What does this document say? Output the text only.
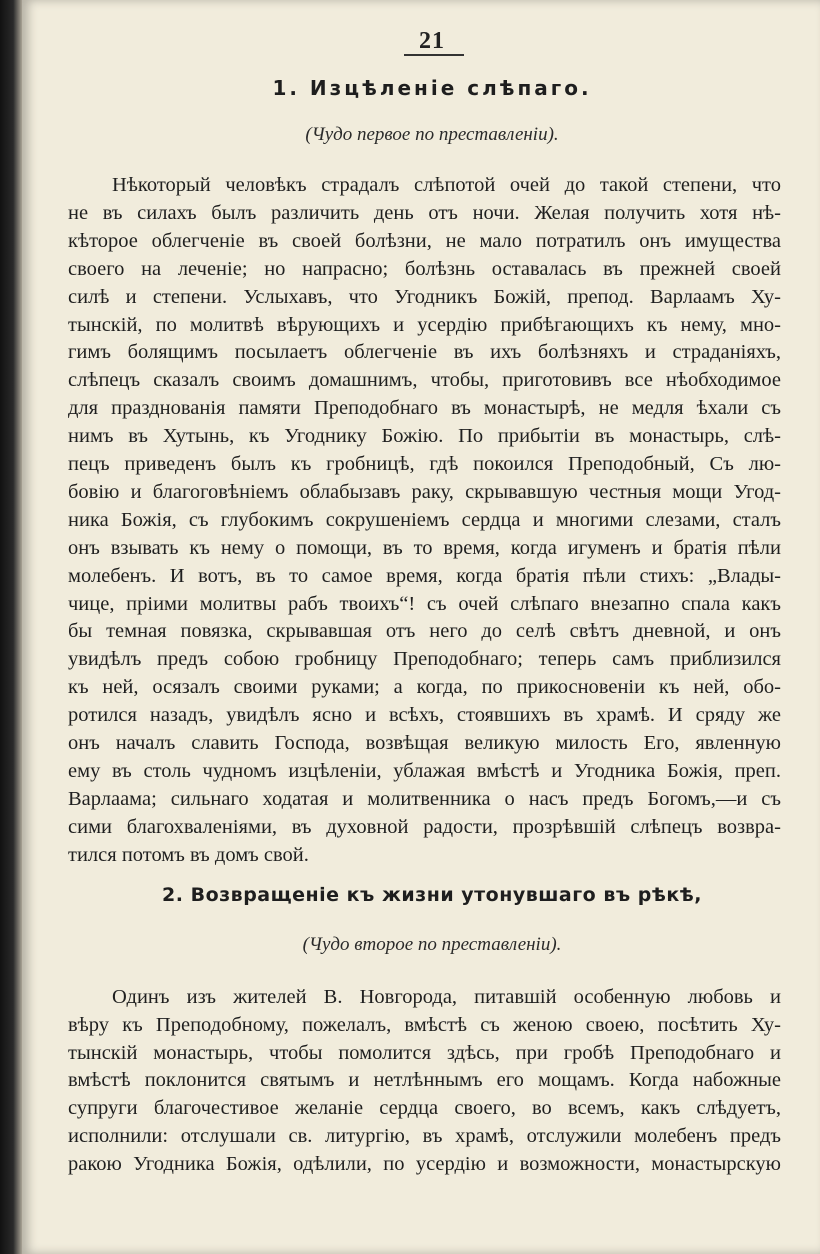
21
1. Изцѣленіе слѣпаго.
(Чудо первое по преставленіи).
Нѣкоторый человѣкъ страдалъ слѣпотой очей до такой степени, что
не въ силахъ былъ различить день отъ ночи. Желая получить хотя нѣ-
кѣторое облегченіе въ своей болѣзни, не мало потратилъ онъ имущества
своего на леченіе; но напрасно; болѣзнь оставалась въ прежней своей
силѣ и степени. Услыхавъ, что Угодникъ Божій, препод. Варлаамъ Ху-
тынскій, по молитвѣ вѣрующихъ и усердію прибѣгающихъ къ нему, мно-
гимъ болящимъ посылаетъ облегченіе въ ихъ болѣзняхъ и страданіяхъ,
слѣпецъ сказалъ своимъ домашнимъ, чтобы, приготовивъ все нѣобходимое
для празднованія памяти Преподобнаго въ монастырѣ, не медля ѣхали съ
нимъ въ Хутынь, къ Угоднику Божію. По прибытіи въ монастырь, слѣ-
пецъ приведенъ былъ къ гробницѣ, гдѣ покоился Преподобный, Съ лю-
бовію и благоговѣніемъ облабызавъ раку, скрывавшую честныя мощи Угод-
ника Божія, съ глубокимъ сокрушеніемъ сердца и многими слезами, сталъ
онъ взывать къ нему о помощи, въ то время, когда игуменъ и братія пѣли
молебенъ. И вотъ, въ то самое время, когда братія пѣли стихъ: „Влады-
чице, пріими молитвы рабъ твоихъ“! съ очей слѣпаго внезапно спала какъ
бы темная повязка, скрывавшая отъ него до селѣ свѣтъ дневной, и онъ
увидѣлъ предъ собою гробницу Преподобнаго; теперь самъ приблизился
къ ней, осязалъ своими руками; а когда, по прикосновеніи къ ней, обо-
ротился назадъ, увидѣлъ ясно и всѣхъ, стоявшихъ въ храмѣ. И сряду же
онъ началъ славить Господа, возвѣщая великую милость Его, явленную
ему въ столь чудномъ изцѣленіи, ублажая вмѣстѣ и Угодника Божія, преп.
Варлаама; сильнаго ходатая и молитвенника о насъ предъ Богомъ,—и съ
сими благохваленіями, въ духовной радости, прозрѣвшій слѣпецъ возвра-
тился потомъ въ домъ свой.
2. Возвращеніе къ жизни утонувшаго въ рѣкѣ,
(Чудо второе по преставленіи).
Одинъ изъ жителей В. Новгорода, питавшій особенную любовь и
вѣру къ Преподобному, пожелалъ, вмѣстѣ съ женою своею, посѣтить Ху-
тынскій монастырь, чтобы помолится здѣсь, при гробѣ Преподобнаго и
вмѣстѣ поклонится святымъ и нетлѣннымъ его мощамъ. Когда набожные
супруги благочестивое желаніе сердца своего, во всемъ, какъ слѣдуетъ,
исполнили: отслушали св. литургію, въ храмѣ, отслужили молебенъ предъ
ракою Угодника Божія, одѣлили, по усердію и возможности, монастырскую
